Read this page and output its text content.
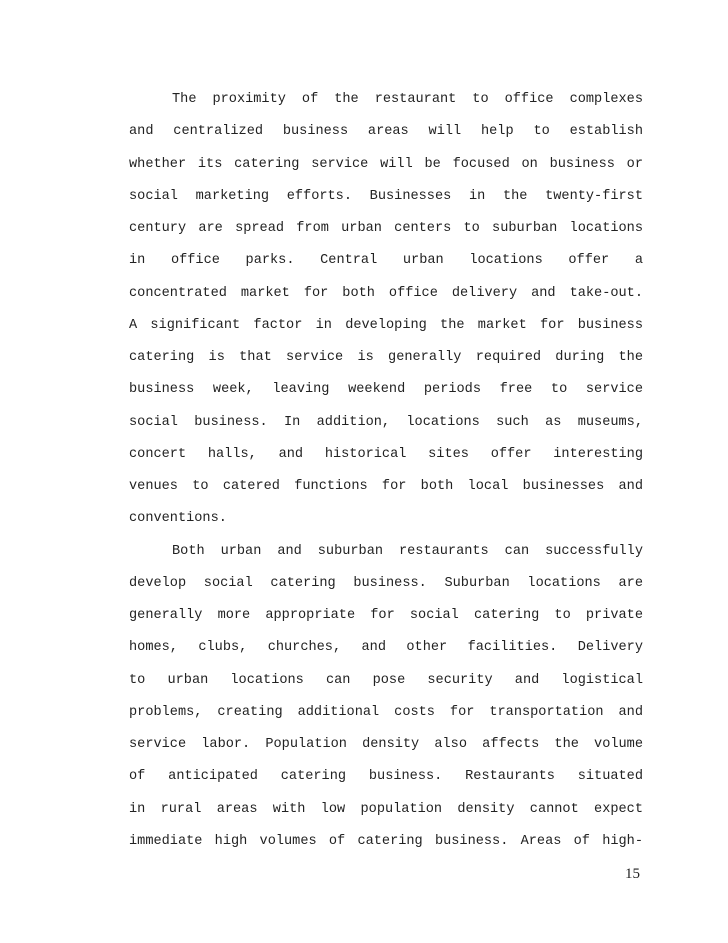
The proximity of the restaurant to office complexes
and centralized business areas will help to establish
whether its catering service will be focused on business or
social marketing efforts. Businesses in the twenty-first
century are spread from urban centers to suburban locations
in office parks. Central urban locations offer a
concentrated market for both office delivery and take-out.
A significant factor in developing the market for business
catering is that service is generally required during the
business week, leaving weekend periods free to service
social business. In addition, locations such as museums,
concert halls, and historical sites offer interesting
venues to catered functions for both local businesses and
conventions.
Both urban and suburban restaurants can successfully
develop social catering business. Suburban locations are
generally more appropriate for social catering to private
homes, clubs, churches, and other facilities. Delivery
to urban locations can pose security and logistical
problems, creating additional costs for transportation and
service labor. Population density also affects the volume
of anticipated catering business. Restaurants situated
in rural areas with low population density cannot expect
immediate high volumes of catering business. Areas of high-
15
